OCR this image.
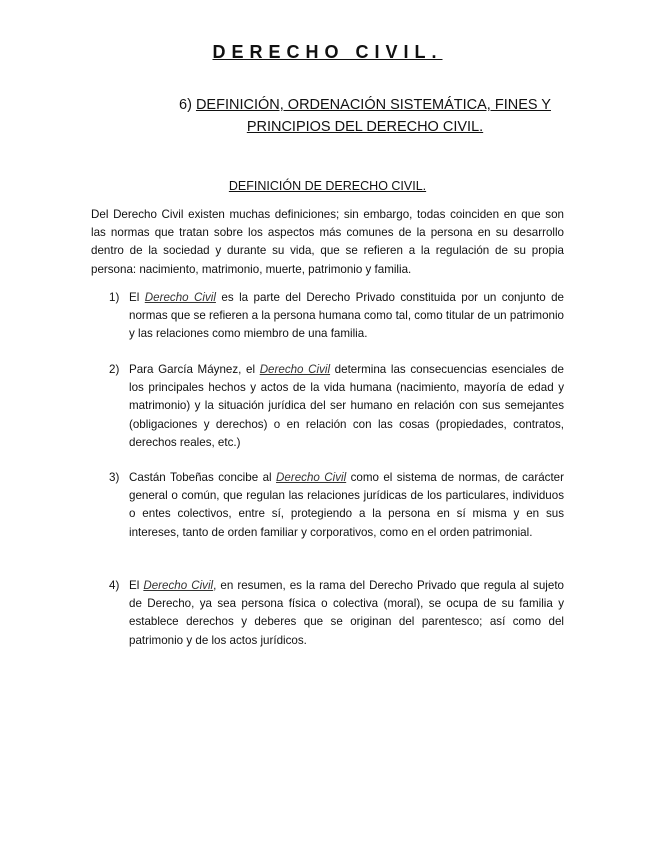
DERECHO CIVIL.
6) DEFINICIÓN, ORDENACIÓN SISTEMÁTICA, FINES Y PRINCIPIOS DEL DERECHO CIVIL.
DEFINICIÓN DE DERECHO CIVIL.

Del Derecho Civil existen muchas definiciones; sin embargo, todas coinciden en que son las normas que tratan sobre los aspectos más comunes de la persona en su desarrollo dentro de la sociedad y durante su vida, que se refieren a la regulación de su propia persona: nacimiento, matrimonio, muerte, patrimonio y familia.

1) El Derecho Civil es la parte del Derecho Privado constituida por un conjunto de normas que se refieren a la persona humana como tal, como titular de un patrimonio y las relaciones como miembro de una familia.
2) Para García Máynez, el Derecho Civil determina las consecuencias esenciales de los principales hechos y actos de la vida humana (nacimiento, mayoría de edad y matrimonio) y la situación jurídica del ser humano en relación con sus semejantes (obligaciones y derechos) o en relación con las cosas (propiedades, contratos, derechos reales, etc.)
3) Castán Tobeñas concibe al Derecho Civil como el sistema de normas, de carácter general o común, que regulan las relaciones jurídicas de los particulares, individuos o entes colectivos, entre sí, protegiendo a la persona en sí misma y en sus intereses, tanto de orden familiar y corporativos, como en el orden patrimonial.
4) El Derecho Civil, en resumen, es la rama del Derecho Privado que regula al sujeto de Derecho, ya sea persona física o colectiva (moral), se ocupa de su familia y establece derechos y deberes que se originan del parentesco; así como del patrimonio y de los actos jurídicos.
